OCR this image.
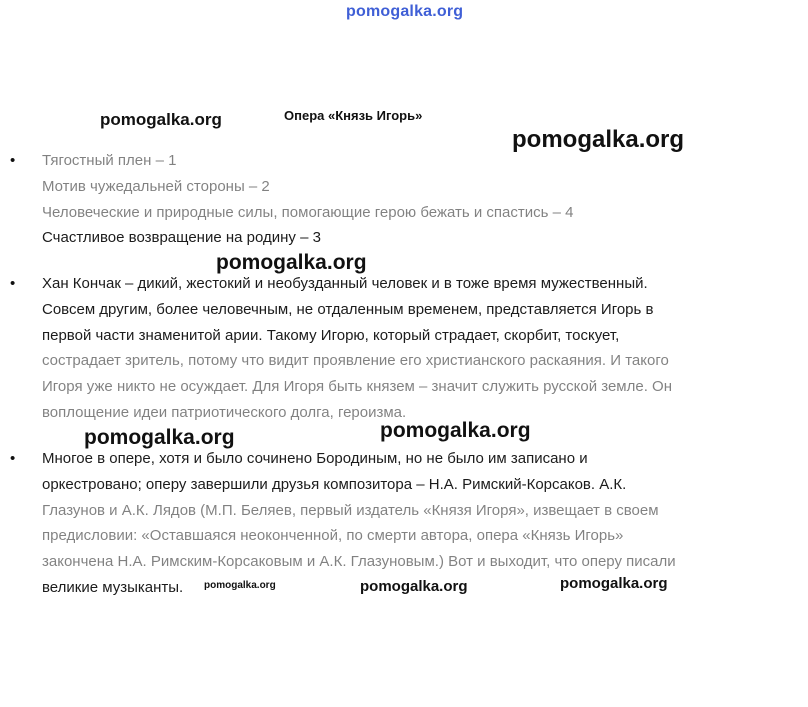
pomogalka.org
Опера «Князь Игорь»
• Тягостный плен – 1
Мотив чужедальней стороны – 2
Человеческие и природные силы, помогающие герою бежать и спастись – 4
Счастливое возвращение на родину – 3
• Хан Кончак – дикий, жестокий и необузданный человек и в тоже время мужественный.
Совсем другим, более человечным, не отдаленным временем, представляется Игорь в
первой части знаменитой арии. Такому Игорю, который страдает, скорбит, тоскует,
сострадает зритель, потому что видит проявление его христианского раскаяния. И такого
Игоря уже никто не осуждает. Для Игоря быть князем – значит служить русской земле. Он
воплощение идеи патриотического долга, героизма.
• Многое в опере, хотя и было сочинено Бородиным, но не было им записано и
оркестровано; оперу завершили друзья композитора – Н.А. Римский-Корсаков. А.К.
Глазунов и А.К. Лядов (М.П. Беляев, первый издатель «Князя Игоря», извещает в своем
предисловии: «Оставшаяся неоконченной, по смерти автора, опера «Князь Игорь»
закончена Н.А. Римским-Корсаковым и А.К. Глазуновым.) Вот и выходит, что оперу писали
великие музыканты.
pomogalka.org
pomogalka.org
pomogalka.org
pomogalka.org	pomogalka.org
pomogalka.org	pomogalka.org	pomogalka.org
